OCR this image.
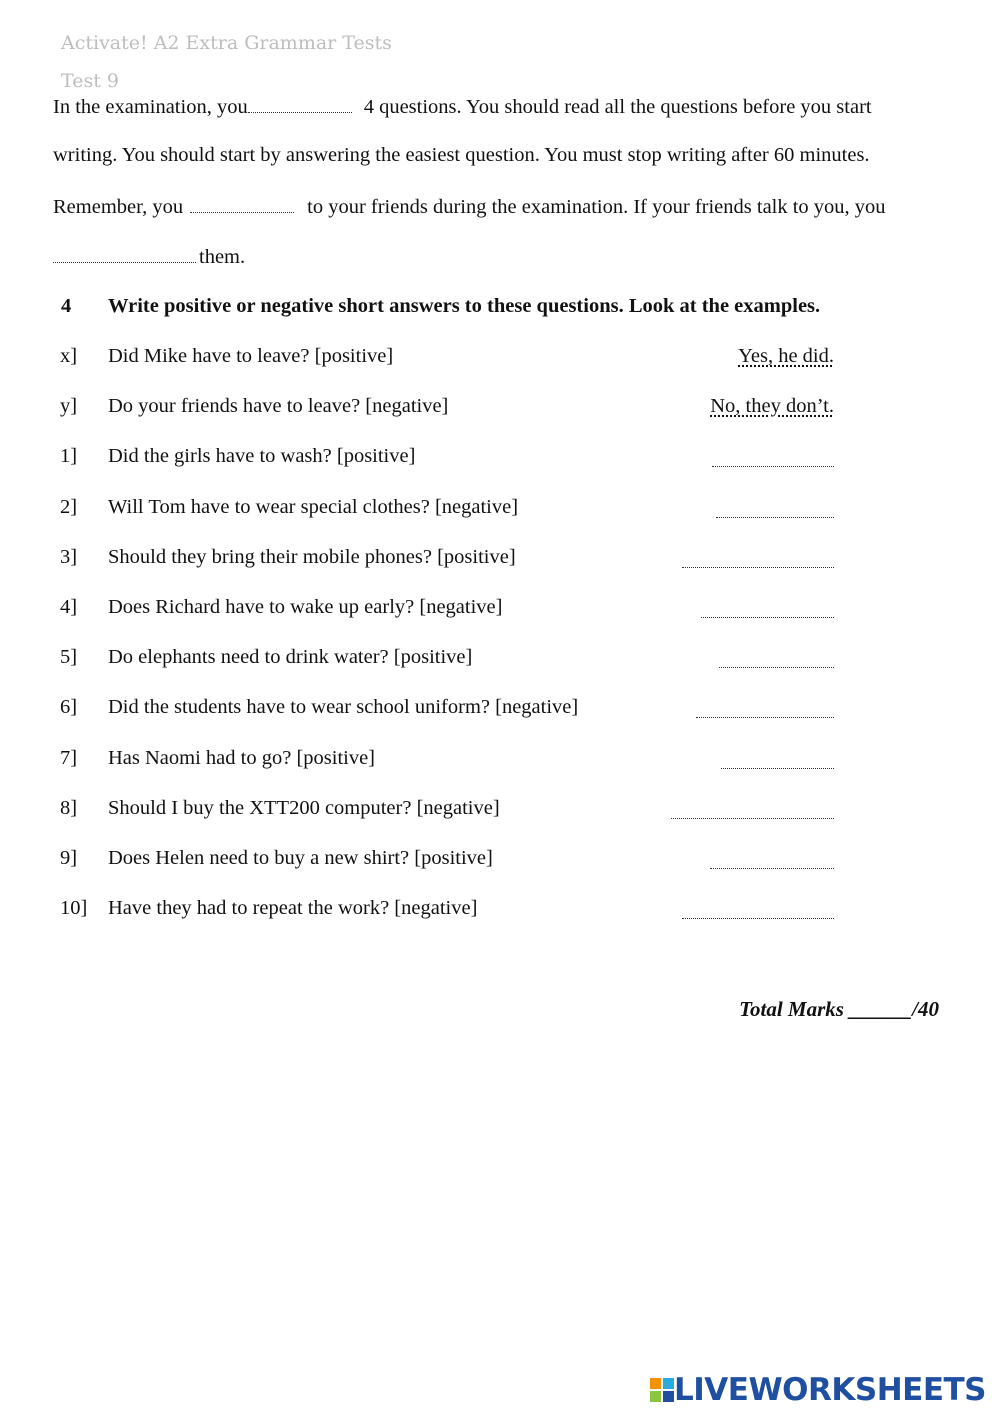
Activate! A2 Extra Grammar Tests
Test 9
In the examination, you	4 questions. You should read all the questions before you start
writing. You should start by answering the easiest question. You must stop writing after 60 minutes.
Remember, you	to your friends during the examination. If your friends talk to you, you
them.
4 Write positive or negative short answers to these questions. Look at the examples.
x] Did Mike have to leave? [positive]	Yes, he did.
y] Do your friends have to leave? [negative]	No, they don’t.
1] Did the girls have to wash? [positive]
2] Will Tom have to wear special clothes? [negative]
3] Should they bring their mobile phones? [positive]
4] Does Richard have to wake up early? [negative]
5] Do elephants need to drink water? [positive]
6] Did the students have to wear school uniform? [negative]
7] Has Naomi had to go? [positive]
8] Should I buy the XTT200 computer? [negative]
9] Does Helen need to buy a new shirt? [positive]
10] Have they had to repeat the work? [negative]
Total Marks ______/40
LIVEWORKSHEETS
